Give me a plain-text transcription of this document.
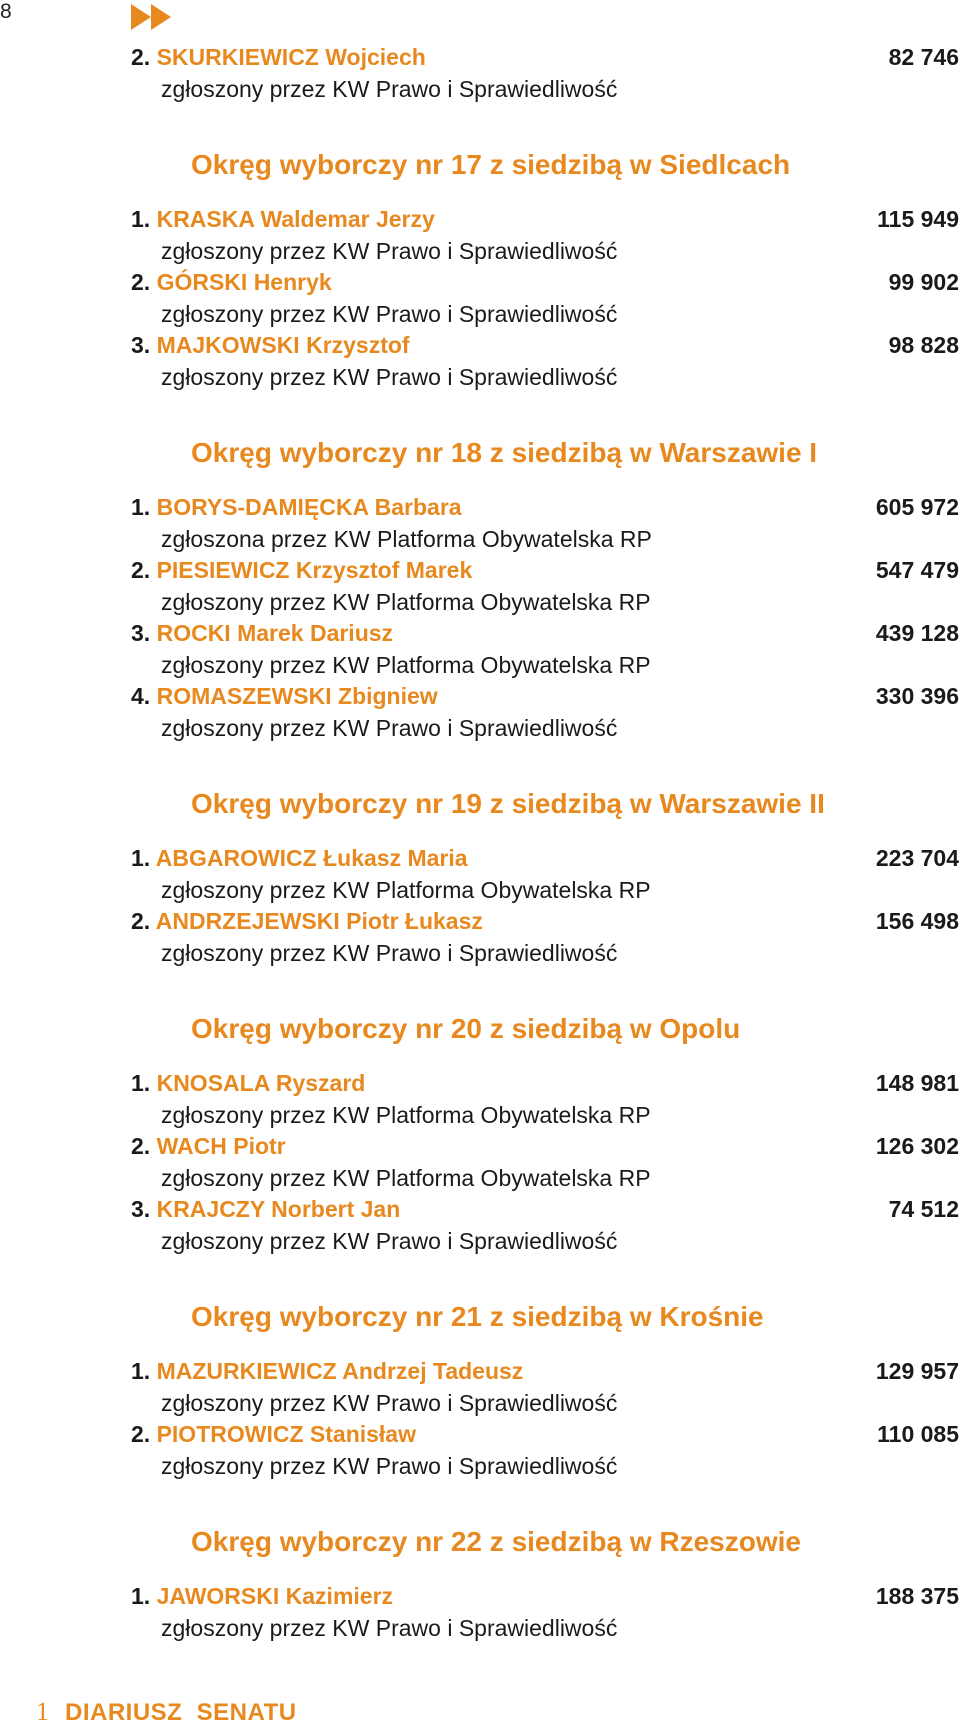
8
2. SKURKIEWICZ Wojciech	82 746
zgłoszony przez KW Prawo i Sprawiedliwość
Okręg wyborczy nr 17 z siedzibą w Siedlcach
1. KRASKA Waldemar Jerzy	115 949
zgłoszony przez KW Prawo i Sprawiedliwość
2. GÓRSKI Henryk	99 902
zgłoszony przez KW Prawo i Sprawiedliwość
3. MAJKOWSKI Krzysztof	98 828
zgłoszony przez KW Prawo i Sprawiedliwość
Okręg wyborczy nr 18 z siedzibą w Warszawie I
1. BORYS-DAMIĘCKA Barbara	605 972
zgłoszona przez KW Platforma Obywatelska RP
2. PIESIEWICZ Krzysztof Marek	547 479
zgłoszony przez KW Platforma Obywatelska RP
3. ROCKI Marek Dariusz	439 128
zgłoszony przez KW Platforma Obywatelska RP
4. ROMASZEWSKI Zbigniew	330 396
zgłoszony przez KW Prawo i Sprawiedliwość
Okręg wyborczy nr 19 z siedzibą w Warszawie II
1. ABGAROWICZ Łukasz Maria	223 704
zgłoszony przez KW Platforma Obywatelska RP
2. ANDRZEJEWSKI Piotr Łukasz	156 498
zgłoszony przez KW Prawo i Sprawiedliwość
Okręg wyborczy nr 20 z siedzibą w Opolu
1. KNOSALA Ryszard	148 981
zgłoszony przez KW Platforma Obywatelska RP
2. WACH Piotr	126 302
zgłoszony przez KW Platforma Obywatelska RP
3. KRAJCZY Norbert Jan	74 512
zgłoszony przez KW Prawo i Sprawiedliwość
Okręg wyborczy nr 21 z siedzibą w Krośnie
1. MAZURKIEWICZ Andrzej Tadeusz	129 957
zgłoszony przez KW Prawo i Sprawiedliwość
2. PIOTROWICZ Stanisław	110 085
zgłoszony przez KW Prawo i Sprawiedliwość
Okręg wyborczy nr 22 z siedzibą w Rzeszowie
1. JAWORSKI Kazimierz	188 375
zgłoszony przez KW Prawo i Sprawiedliwość
1 DIARIUSZ  SENATU
